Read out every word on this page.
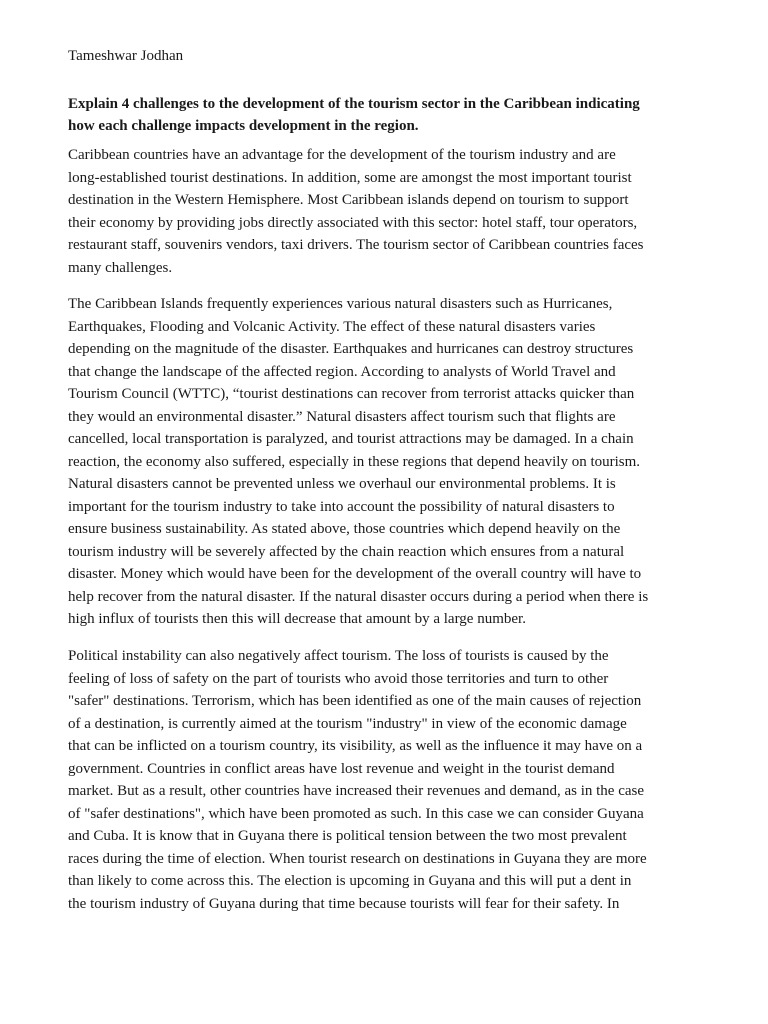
Tameshwar Jodhan
Explain 4 challenges to the development of the tourism sector in the Caribbean indicating
how each challenge impacts development in the region.
Caribbean countries have an advantage for the development of the tourism industry and are
long-established tourist destinations. In addition, some are amongst the most important tourist
destination in the Western Hemisphere. Most Caribbean islands depend on tourism to support
their economy by providing jobs directly associated with this sector: hotel staff, tour operators,
restaurant staff, souvenirs vendors, taxi drivers. The tourism sector of Caribbean countries faces
many challenges.
The Caribbean Islands frequently experiences various natural disasters such as Hurricanes,
Earthquakes, Flooding and Volcanic Activity. The effect of these natural disasters varies
depending on the magnitude of the disaster. Earthquakes and hurricanes can destroy structures
that change the landscape of the affected region. According to analysts of World Travel and
Tourism Council (WTTC), “tourist destinations can recover from terrorist attacks quicker than
they would an environmental disaster.” Natural disasters affect tourism such that flights are
cancelled, local transportation is paralyzed, and tourist attractions may be damaged. In a chain
reaction, the economy also suffered, especially in these regions that depend heavily on tourism.
Natural disasters cannot be prevented unless we overhaul our environmental problems. It is
important for the tourism industry to take into account the possibility of natural disasters to
ensure business sustainability. As stated above, those countries which depend heavily on the
tourism industry will be severely affected by the chain reaction which ensures from a natural
disaster. Money which would have been for the development of the overall country will have to
help recover from the natural disaster. If the natural disaster occurs during a period when there is
high influx of tourists then this will decrease that amount by a large number.
Political instability can also negatively affect tourism. The loss of tourists is caused by the
feeling of loss of safety on the part of tourists who avoid those territories and turn to other
"safer" destinations. Terrorism, which has been identified as one of the main causes of rejection
of a destination, is currently aimed at the tourism "industry" in view of the economic damage
that can be inflicted on a tourism country, its visibility, as well as the influence it may have on a
government. Countries in conflict areas have lost revenue and weight in the tourist demand
market. But as a result, other countries have increased their revenues and demand, as in the case
of "safer destinations", which have been promoted as such. In this case we can consider Guyana
and Cuba. It is know that in Guyana there is political tension between the two most prevalent
races during the time of election. When tourist research on destinations in Guyana they are more
than likely to come across this. The election is upcoming in Guyana and this will put a dent in
the tourism industry of Guyana during that time because tourists will fear for their safety. In
